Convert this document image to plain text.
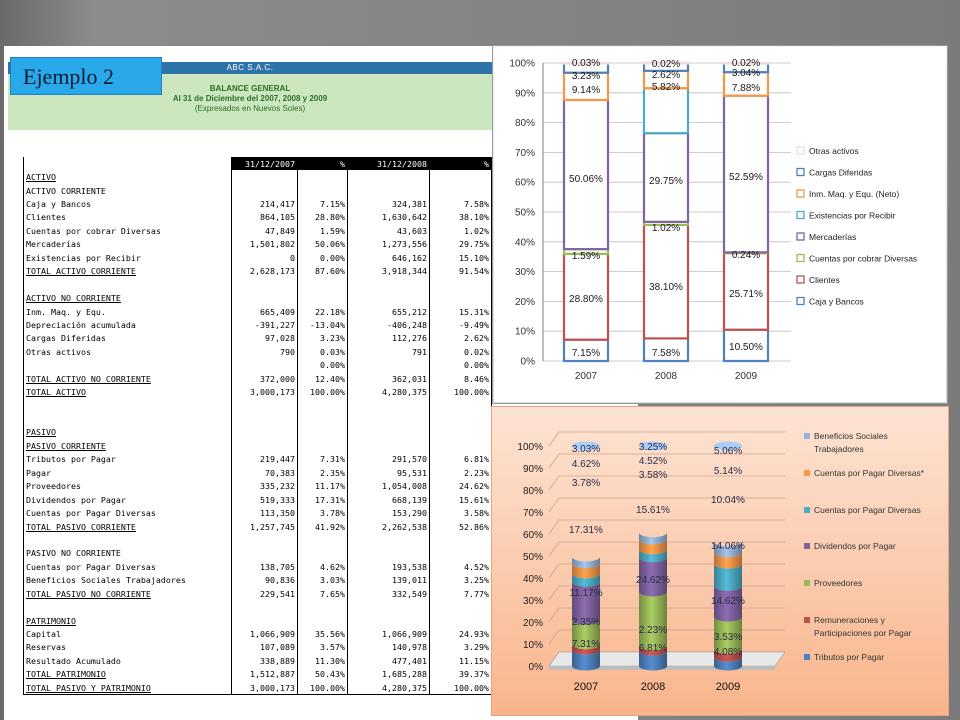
ABC S.A.C.
BALANCE GENERAL
Al 31 de Diciembre del 2007, 2008 y 2009
(Expresados en Nuevos Soles)
Ejemplo 2
	31/12/2007	%	31/12/2008	%
ACTIVO				
ACTIVO CORRIENTE				
Caja y Bancos	214,417	7.15%	324,381	7.58%
Clientes	864,105	28.80%	1,630,642	38.10%
Cuentas por cobrar Diversas	47,849	1.59%	43,603	1.02%
Mercaderías	1,501,802	50.06%	1,273,556	29.75%
Existencias por Recibir	0	0.00%	646,162	15.10%
TOTAL ACTIVO CORRIENTE	2,628,173	87.60%	3,918,344	91.54%

ACTIVO NO CORRIENTE				
Inm. Maq. y Equ.	665,409	22.18%	655,212	15.31%
Depreciación acumulada	-391,227	-13.04%	-406,248	-9.49%
Cargas Diferidas	97,028	3.23%	112,276	2.62%
Otras activos	790	0.03%	791	0.02%
		0.00%		0.00%
TOTAL ACTIVO NO CORRIENTE	372,000	12.40%	362,031	8.46%
TOTAL ACTIVO	3,000,173	100.00%	4,280,375	100.00%

PASIVO				
PASIVO CORRIENTE				
Tributos por Pagar	219,447	7.31%	291,570	6.81%
Pagar	70,383	2.35%	95,531	2.23%
Proveedores	335,232	11.17%	1,054,008	24.62%
Dividendos por Pagar	519,333	17.31%	668,139	15.61%
Cuentas por Pagar Diversas	113,350	3.78%	153,290	3.58%
TOTAL PASIVO CORRIENTE	1,257,745	41.92%	2,262,538	52.86%

PASIVO NO CORRIENTE				
Cuentas por Pagar Diversas	138,705	4.62%	193,538	4.52%
Beneficios Sociales Trabajadores	90,836	3.03%	139,011	3.25%
TOTAL PASIVO NO CORRIENTE	229,541	7.65%	332,549	7.77%

PATRIMONIO				
Capital	1,066,909	35.56%	1,066,909	24.93%
Reservas	107,089	3.57%	140,978	3.29%
Resultado Acumulado	338,889	11.30%	477,401	11.15%
TOTAL PATRIMONIO	1,512,887	50.43%	1,685,288	39.37%
TOTAL PASIVO Y PATRIMONIO	3,000,173	100.00%	4,280,375	100.00%
0%
10%
20%
30%
40%
50%
60%
70%
80%
90%
100%
2007	2008	2009
7.15%
28.80%
1.59%
50.06%
9.14%
3.23%
0.03%
7.58%
38.10%
1.02%
29.75%
5.82%
2.62%
0.02%
10.50%
25.71%
0.24%
52.59%
7.88%
3.04%
0.02%
Otras activos
Cargas Diferidas
Inm. Maq. y Equ. (Neto)
Existencias por Recibir
Mercaderías
Cuentas por cobrar Diversas
Clientes
Caja y Bancos
0%
10%
20%
30%
40%
50%
60%
70%
80%
90%
100%
2007	2008	2009
7.31%
2.35%
11.17%
17.31%
3.78%
4.62%
3.03%
6.81%
2.23%
24.62%
15.61%
3.58%
4.52%
3.25%
4.08%
3.53%
14.62%
14.06%
10.04%
5.14%
5.06%
Beneficios Sociales
Trabajadores
Cuentas por Pagar Diversas*
Cuentas por Pagar Diversas
Dividendos por Pagar
Proveedores
Remuneraciones y
Participaciones por Pagar
Tributos por Pagar
